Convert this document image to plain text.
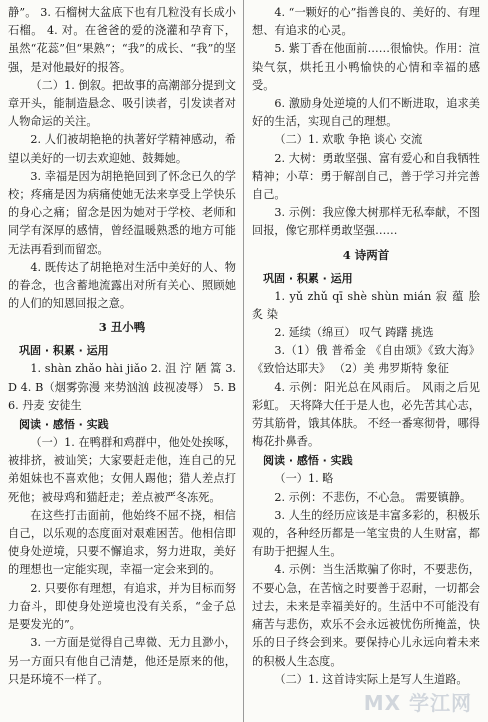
静”。 3. 石榴树大盆底下也有几粒没有长成小石榴。 4. 对。在爸爸的爱的浇灌和孕育下，虽然“花蕊”但“果熟”；“我”的成长、“我”的坚强，是对他最好的报答。

（二）1. 倒叙。把故事的高潮部分提到文章开头，能制造悬念、吸引读者，引发读者对人物命运的关注。

2. 人们被胡艳艳的执著好学精神感动，希望以美好的一切去欢迎她、鼓舞她。

3. 幸福是因为胡艳艳回到了怀念已久的学校；疼痛是因为病痛使她无法来享受上学快乐的身心之痛；留念是因为她对于学校、老师和同学有深厚的感情，曾经温暖熟悉的地方可能无法再看到而留恋。

4. 既传达了胡艳艳对生活中美好的人、物的眷念，也含蓄地流露出对所有关心、照顾她的人们的知恩回报之意。

3 丑小鸭

巩固 · 积累 · 运用

1. shàn zhǎo hài jiǎo 2. 沮 泞 陋 篙 3. D 4. B（烟雾弥漫 来势汹汹 歧视凌辱） 5. B 6. 丹麦 安徒生

阅读 · 感悟 · 实践

（一）1. 在鸭群和鸡群中，他处处挨啄，被排挤，被讪笑；大家要赶走他，连自己的兄弟姐妹也不喜欢他；女佣人踢他；猎人差点打死他；被母鸡和猫赶走；差点被严冬冻死。

在这些打击面前，他始终不屈不挠，相信自己，以乐观的态度面对艰难困苦。他相信即使身处逆境，只要不懈追求，努力进取，美好的理想也一定能实现，幸福一定会来到的。

2. 只要你有理想，有追求，并为目标而努力奋斗，即使身处逆境也没有关系，“金子总是要发光的”。

3. 一方面是觉得自己卑微、无力且渺小，另一方面只有他自己清楚，他还是原来的他，只是环境不一样了。

4. “一颗好的心”指善良的、美好的、有理想、有追求的心灵。

5. 紫丁香在他面前……很愉快。作用：渲染气氛，烘托丑小鸭愉快的心情和幸福的感受。

6. 激励身处逆境的人们不断进取，追求美好的生活，实现自己的理想。

（二）1. 欢歌 争艳 谈心 交流

2. 大树：勇敢坚强、富有爱心和自我牺牲精神；小草：勇于解剖自己，善于学习并完善自己。

3. 示例：我应像大树那样无私奉献，不图回报，像它那样勇敢坚强……

4 诗两首

巩固 · 积累 · 运用

1. yǔ zhǔ qī shè shùn mián 寂 蕴 脍炙 染

2. 延续（绵亘） 叹气 踌躇 挑选

3.（1）俄 普希金 《自由颂》《致大海》《致恰达耶夫》 （2）美 弗罗斯特 象征

4. 示例：阳光总在风雨后。 风雨之后见彩虹。 天将降大任于是人也，必先苦其心志，劳其筋骨，饿其体肤。 不经一番寒彻骨，哪得梅花扑鼻香。

阅读 · 感悟 · 实践

（一）1. 略

2. 示例：不悲伤，不心急。 需要镇静。

3. 人生的经历应该是丰富多彩的，积极乐观的，各种经历都是一笔宝贵的人生财富，都有助于把握人生。

4. 示例：当生活欺骗了你时，不要悲伤，不要心急，在苦恼之时要善于忍耐，一切都会过去，未来是幸福美好的。生活中不可能没有痛苦与悲伤，欢乐不会永远被忧伤所掩盖，快乐的日子终会到来。要保持心儿永远向着未来的积极人生态度。

（二）1. 这首诗实际上是写人生道路。

MX 学江网
